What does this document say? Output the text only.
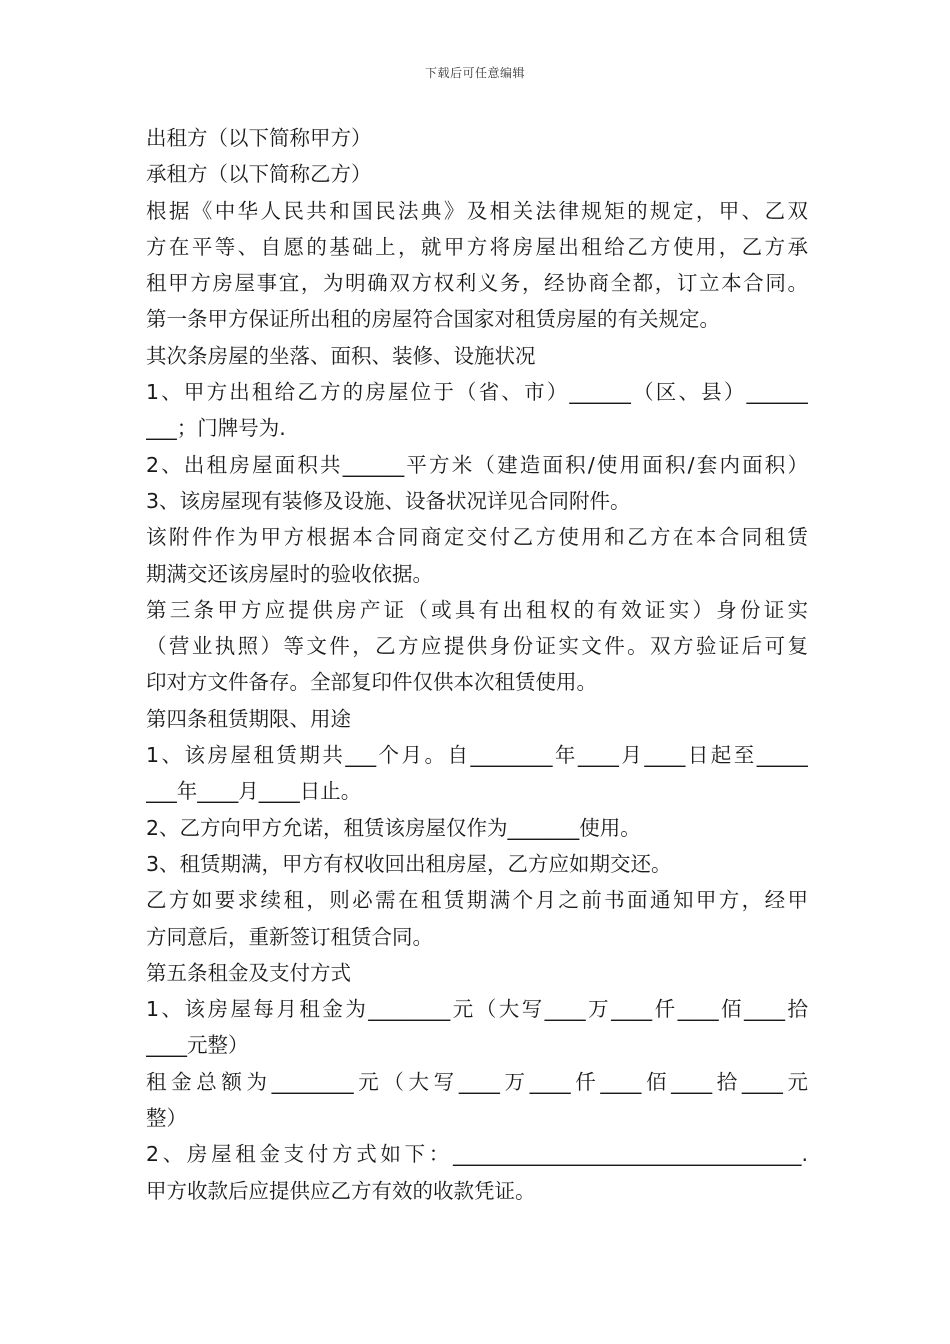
下载后可任意编辑
出租方（以下简称甲方）
承租方（以下简称乙方）
根据《中华人民共和国民法典》及相关法律规矩的规定，甲、乙双
方在平等、自愿的基础上，就甲方将房屋出租给乙方使用，乙方承
租甲方房屋事宜，为明确双方权利义务，经协商全都，订立本合同。
第一条甲方保证所出租的房屋符合国家对租赁房屋的有关规定。
其次条房屋的坐落、面积、装修、设施状况
1、甲方出租给乙方的房屋位于（省、市）______（区、县）______
___；门牌号为.
2、出租房屋面积共______平方米（建造面积/使用面积/套内面积）
3、该房屋现有装修及设施、设备状况详见合同附件。
该附件作为甲方根据本合同商定交付乙方使用和乙方在本合同租赁
期满交还该房屋时的验收依据。
第三条甲方应提供房产证（或具有出租权的有效证实）身份证实
（营业执照）等文件，乙方应提供身份证实文件。双方验证后可复
印对方文件备存。全部复印件仅供本次租赁使用。
第四条租赁期限、用途
1、该房屋租赁期共___个月。自________年____月____日起至_____
___年____月____日止。
2、乙方向甲方允诺，租赁该房屋仅作为_______使用。
3、租赁期满，甲方有权收回出租房屋，乙方应如期交还。
乙方如要求续租，则必需在租赁期满个月之前书面通知甲方，经甲
方同意后，重新签订租赁合同。
第五条租金及支付方式
1、该房屋每月租金为________元（大写____万____仟____佰____拾
____元整）
租金总额为________元（大写____万____仟____佰____拾____元
整）
2、房屋租金支付方式如下：__________________________________.
甲方收款后应提供应乙方有效的收款凭证。
